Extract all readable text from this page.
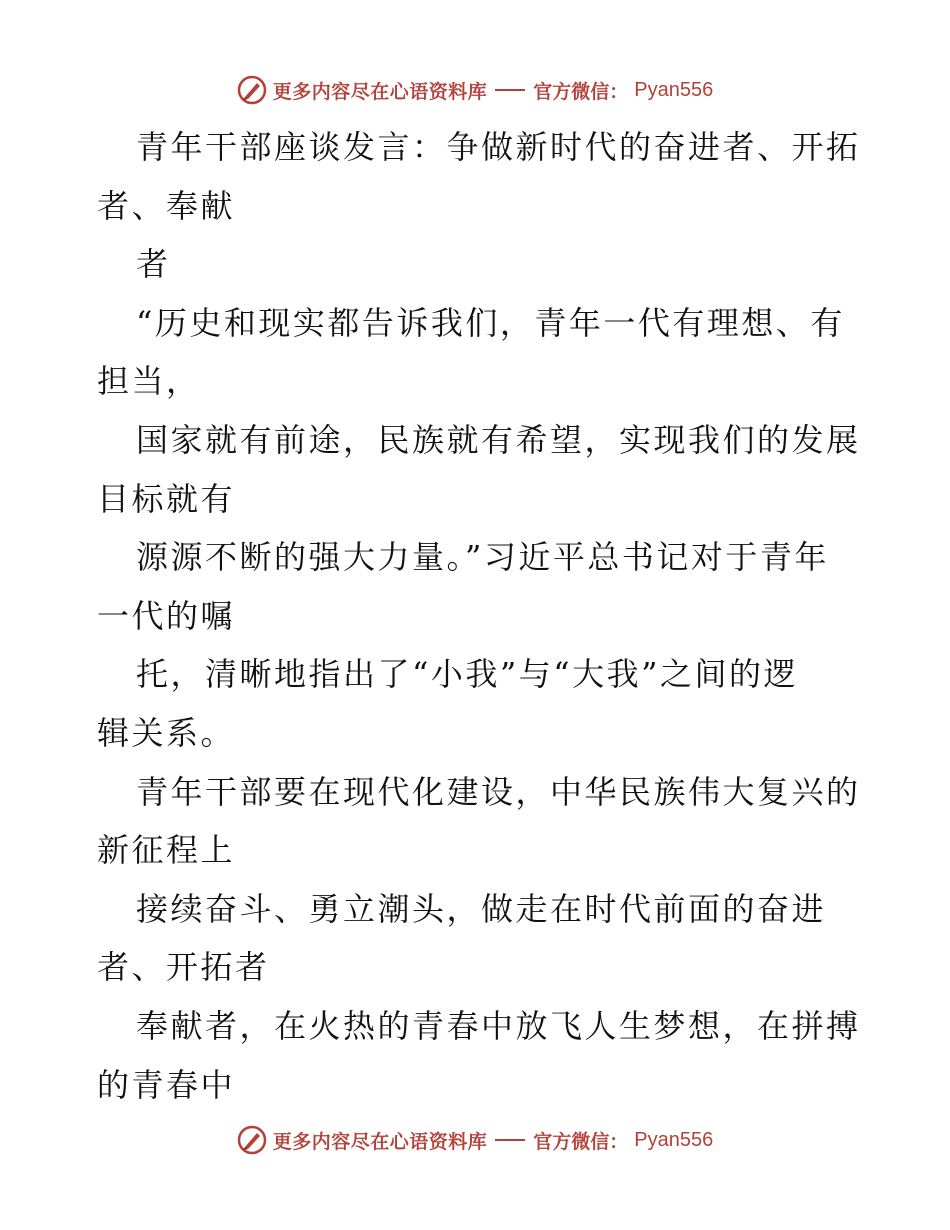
更多内容尽在心语资料库 官方微信： Pyan556
青年干部座谈发言：争做新时代的奋进者、开拓
者、奉献
者
“历史和现实都告诉我们，青年一代有理想、有
担当，
国家就有前途，民族就有希望，实现我们的发展
目标就有
源源不断的强大力量。”习近平总书记对于青年
一代的嘱
托，清晰地指出了“小我”与“大我”之间的逻
辑关系。
青年干部要在现代化建设，中华民族伟大复兴的
新征程上
接续奋斗、勇立潮头，做走在时代前面的奋进
者、开拓者
奉献者，在火热的青春中放飞人生梦想，在拼搏
的青春中
更多内容尽在心语资料库 官方微信： Pyan556
